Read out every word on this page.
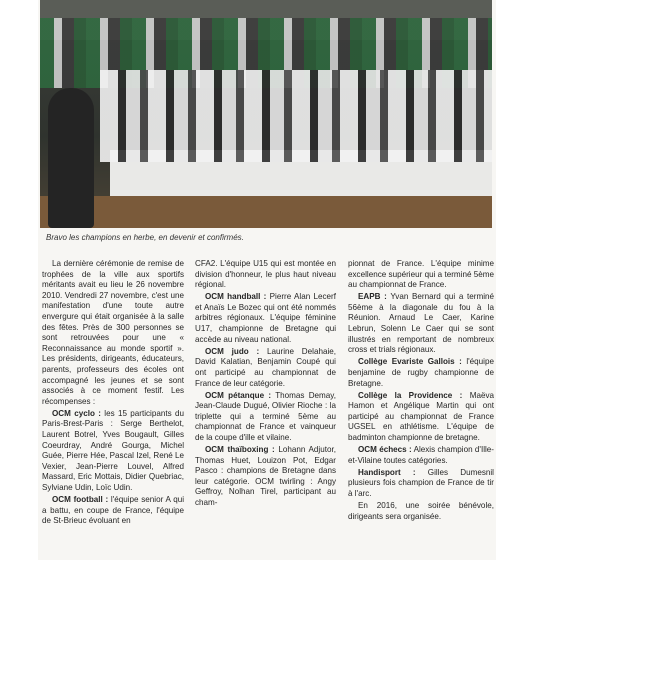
Bravo les champions en herbe, en devenir et confirmés.

La dernière cérémonie de remise de trophées de la ville aux sportifs méritants avait eu lieu le 26 novembre 2010. Vendredi 27 novembre, c'est une manifestation d'une toute autre envergure qui était organisée à la salle des fêtes. Près de 300 personnes se sont retrouvées pour une « Reconnaissance au monde sportif ». Les présidents, dirigeants, éducateurs, parents, professeurs des écoles ont accompagné les jeunes et se sont associés à ce moment festif. Les récompenses :

OCM cyclo : les 15 participants du Paris-Brest-Paris : Serge Berthelot, Laurent Botrel, Yves Bougault, Gilles Coeurdray, André Gourga, Michel Guée, Pierre Hée, Pascal Izel, René Le Vexier, Jean-Pierre Louvel, Alfred Massard, Eric Mottais, Didier Quebriac, Sylviane Udin, Loïc Udin.

OCM football : l'équipe senior A qui a battu, en coupe de France, l'équipe de St-Brieuc évoluant en

CFA2. L'équipe U15 qui est montée en division d'honneur, le plus haut niveau régional.

OCM handball : Pierre Alan Lecerf et Anaïs Le Bozec qui ont été nommés arbitres régionaux. L'équipe féminine U17, championne de Bretagne qui accède au niveau national.

OCM judo : Laurine Delahaie, David Kalatian, Benjamin Coupé qui ont participé au championnat de France de leur catégorie.

OCM pétanque : Thomas Demay, Jean-Claude Dugué, Olivier Rioche : la triplette qui a terminé 5ème au championnat de France et vainqueur de la coupe d'ille et vilaine.

OCM thaïboxing : Lohann Adjutor, Thomas Huet, Louizon Pot, Edgar Pasco : champions de Bretagne dans leur catégorie. OCM twirling : Angy Geffroy, Nolhan Tirel, participant au cham-

pionnat de France. L'équipe minime excellence supérieur qui a terminé 5ème au championnat de France.

EAPB : Yvan Bernard qui a terminé 56ème à la diagonale du fou à la Réunion. Arnaud Le Caer, Karine Lebrun, Solenn Le Caer qui se sont illustrés en remportant de nombreux cross et trials régionaux.

Collège Evariste Gallois : l'équipe benjamine de rugby championne de Bretagne.

Collège la Providence : Maëva Hamon et Angélique Martin qui ont participé au championnat de France UGSEL en athlétisme. L'équipe de badminton championne de bretagne.

OCM échecs : Alexis champion d'Ille-et-Vilaine toutes catégories.

Handisport : Gilles Dumesnil plusieurs fois champion de France de tir à l'arc.

En 2016, une soirée bénévole, dirigeants sera organisée.
